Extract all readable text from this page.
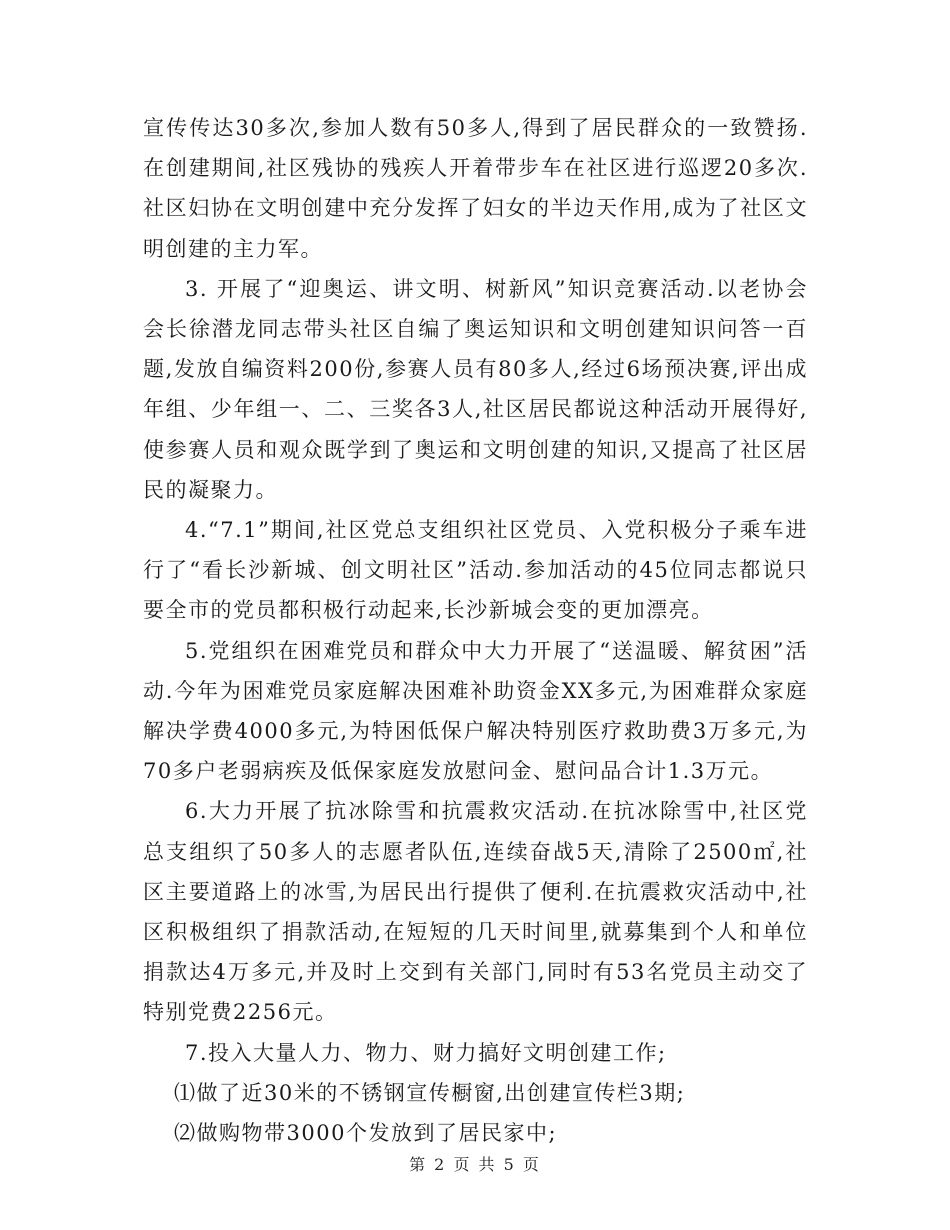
宣传传达30多次,参加人数有50多人,得到了居民群众的一致赞扬.在创建期间,社区残协的残疾人开着带步车在社区进行巡逻20多次.社区妇协在文明创建中充分发挥了妇女的半边天作用,成为了社区文明创建的主力军。

3. 开展了“迎奥运、讲文明、树新风”知识竞赛活动.以老协会会长徐潜龙同志带头社区自编了奥运知识和文明创建知识问答一百题,发放自编资料200份,参赛人员有80多人,经过6场预决赛,评出成年组、少年组一、二、三奖各3人,社区居民都说这种活动开展得好,使参赛人员和观众既学到了奥运和文明创建的知识,又提高了社区居民的凝聚力。

4.“7.1”期间,社区党总支组织社区党员、入党积极分子乘车进行了“看长沙新城、创文明社区”活动.参加活动的45位同志都说只要全市的党员都积极行动起来,长沙新城会变的更加漂亮。

5.党组织在困难党员和群众中大力开展了“送温暖、解贫困”活动.今年为困难党员家庭解决困难补助资金XX多元,为困难群众家庭解决学费4000多元,为特困低保户解决特别医疗救助费3万多元,为70多户老弱病疾及低保家庭发放慰问金、慰问品合计1.3万元。

6.大力开展了抗冰除雪和抗震救灾活动.在抗冰除雪中,社区党总支组织了50多人的志愿者队伍,连续奋战5天,清除了2500㎡,社区主要道路上的冰雪,为居民出行提供了便利.在抗震救灾活动中,社区积极组织了捐款活动,在短短的几天时间里,就募集到个人和单位捐款达4万多元,并及时上交到有关部门,同时有53名党员主动交了特别党费2256元。

7.投入大量人力、物力、财力搞好文明创建工作;

⑴做了近30米的不锈钢宣传橱窗,出创建宣传栏3期;

⑵做购物带3000个发放到了居民家中;

第 2 页 共 5 页
